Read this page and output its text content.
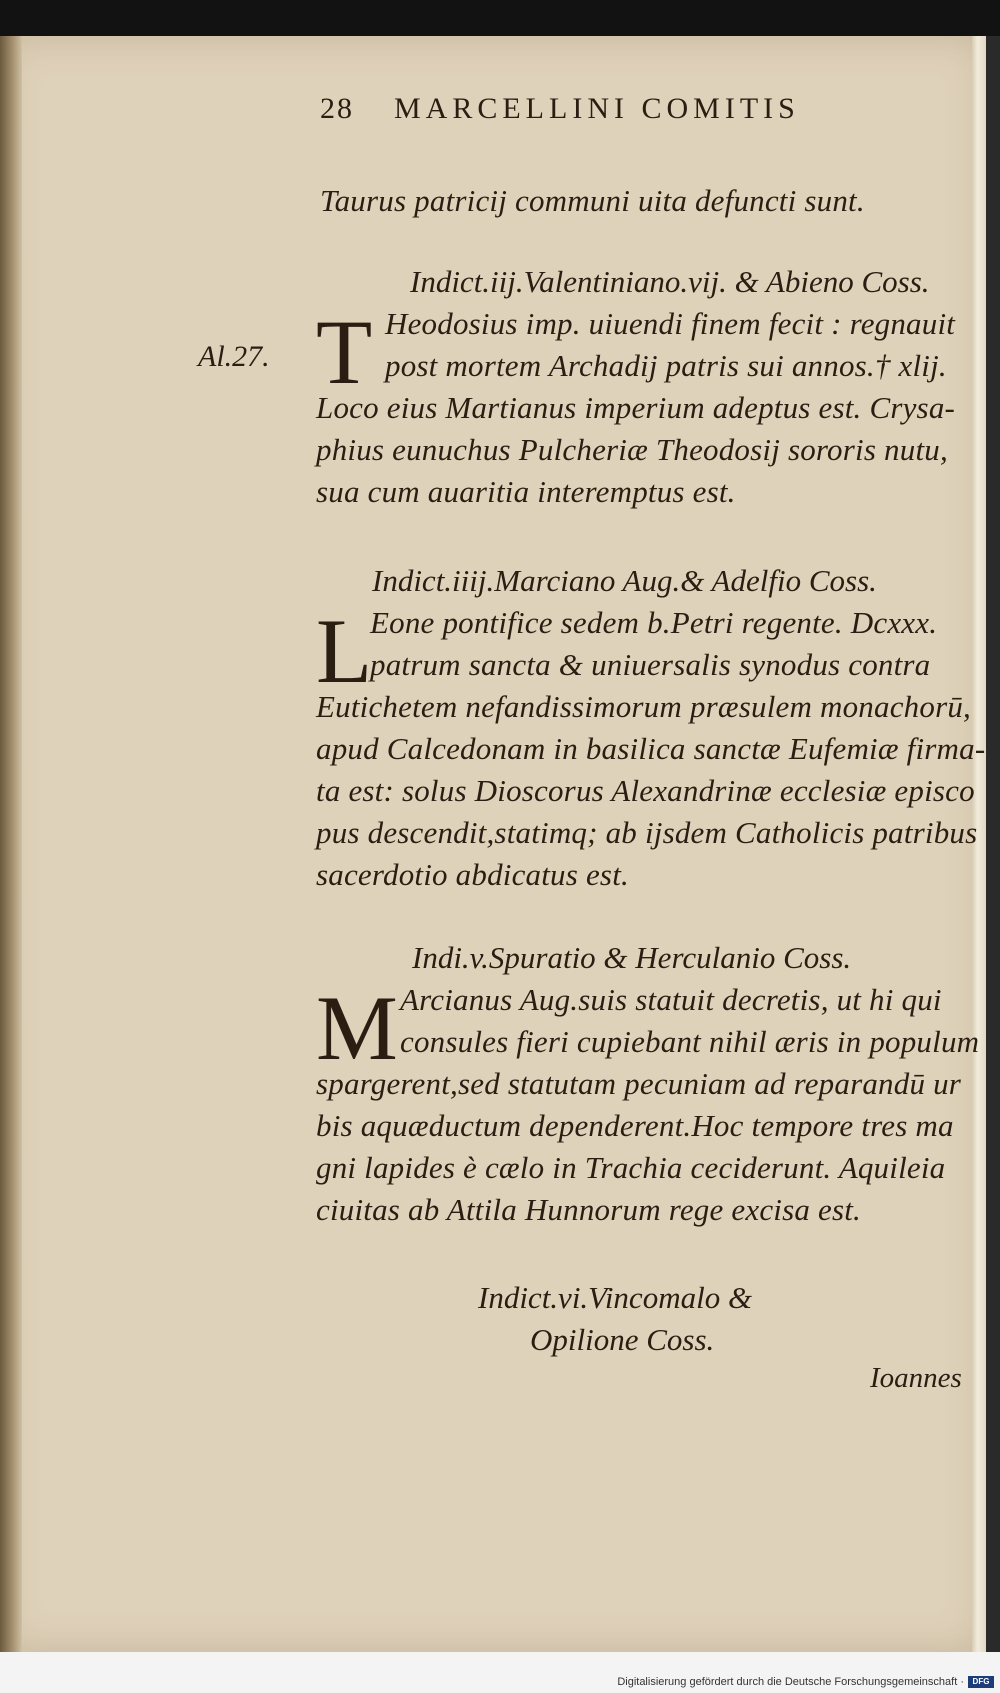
28 MARCELLINI COMITIS
Taurus patricij communi uita defuncti sunt.
Indict.iij.Valentiniano.vij. & Abieno Coss.
T Heodosius imp. uiuendi finem fecit : regnauit
post mortem Archadij patris sui annos.† xlij.
Loco eius Martianus imperium adeptus est. Crysa-
phius eunuchus Pulcheriæ Theodosij sororis nutu,
sua cum auaritia interemptus est.
Al.27.
Indict.iiij.Marciano Aug.& Adelfio Coss.
L
Eone pontifice sedem b.Petri regente. Dcxxx.
patrum sancta & uniuersalis synodus contra
Eutichetem nefandissimorum præsulem monachorū,
apud Calcedonam in basilica sanctæ Eufemiæ firma-
ta est: solus Dioscorus Alexandrinæ ecclesiæ episco
pus descendit,statimq; ab ijsdem Catholicis patribus
sacerdotio abdicatus est.
Indi.v.Spuratio & Herculanio Coss.
M Arcianus Aug.suis statuit decretis, ut hi qui
consules fieri cupiebant nihil æris in populum
spargerent,sed statutam pecuniam ad reparandū ur
bis aquæductum dependerent.Hoc tempore tres ma
gni lapides è cælo in Trachia ceciderunt. Aquileia
ciuitas ab Attila Hunnorum rege excisa est.
Indict.vi.Vincomalo &
Opilione Coss.
Ioannes
Digitalisierung gefördert durch die Deutsche Forschungsgemeinschaft ·	DFG
